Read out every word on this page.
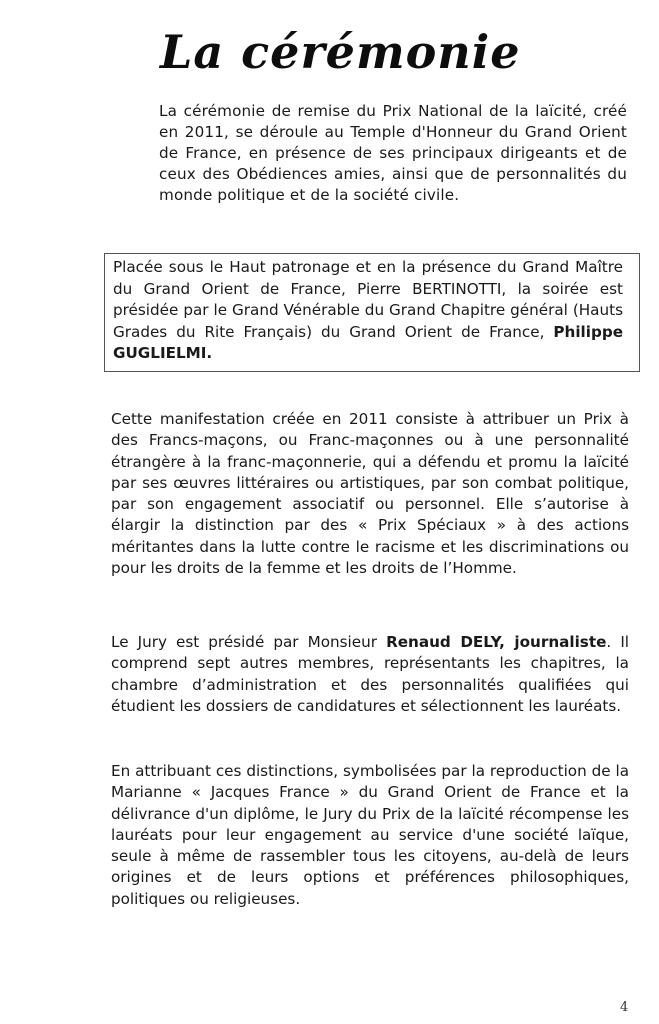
La cérémonie

La cérémonie de remise du Prix National de la laïcité, créé en 2011, se déroule au Temple d'Honneur du Grand Orient de France, en présence de ses principaux dirigeants et de ceux des Obédiences amies, ainsi que de personnalités du monde politique et de la société civile.

Placée sous le Haut patronage et en la présence du Grand Maître du Grand Orient de France, Pierre BERTINOTTI, la soirée est présidée par le Grand Vénérable du Grand Chapitre général (Hauts Grades du Rite Français) du Grand Orient de France, Philippe GUGLIELMI.

Cette manifestation créée en 2011 consiste à attribuer un Prix à des Francs-maçons, ou Franc-maçonnes ou à une personnalité étrangère à la franc-maçonnerie, qui a défendu et promu la laïcité par ses œuvres littéraires ou artistiques, par son combat politique, par son engagement associatif ou personnel. Elle s’autorise à élargir la distinction par des « Prix Spéciaux » à des actions méritantes dans la lutte contre le racisme et les discriminations ou pour les droits de la femme et les droits de l’Homme.

Le Jury est présidé par Monsieur Renaud DELY, journaliste. Il comprend sept autres membres, représentants les chapitres, la chambre d’administration et des personnalités qualifiées qui étudient les dossiers de candidatures et sélectionnent les lauréats.

En attribuant ces distinctions, symbolisées par la reproduction de la Marianne « Jacques France » du Grand Orient de France et la délivrance d'un diplôme, le Jury du Prix de la laïcité récompense les lauréats pour leur engagement au service d'une société laïque, seule à même de rassembler tous les citoyens, au-delà de leurs origines et de leurs options et préférences philosophiques, politiques ou religieuses.

4
